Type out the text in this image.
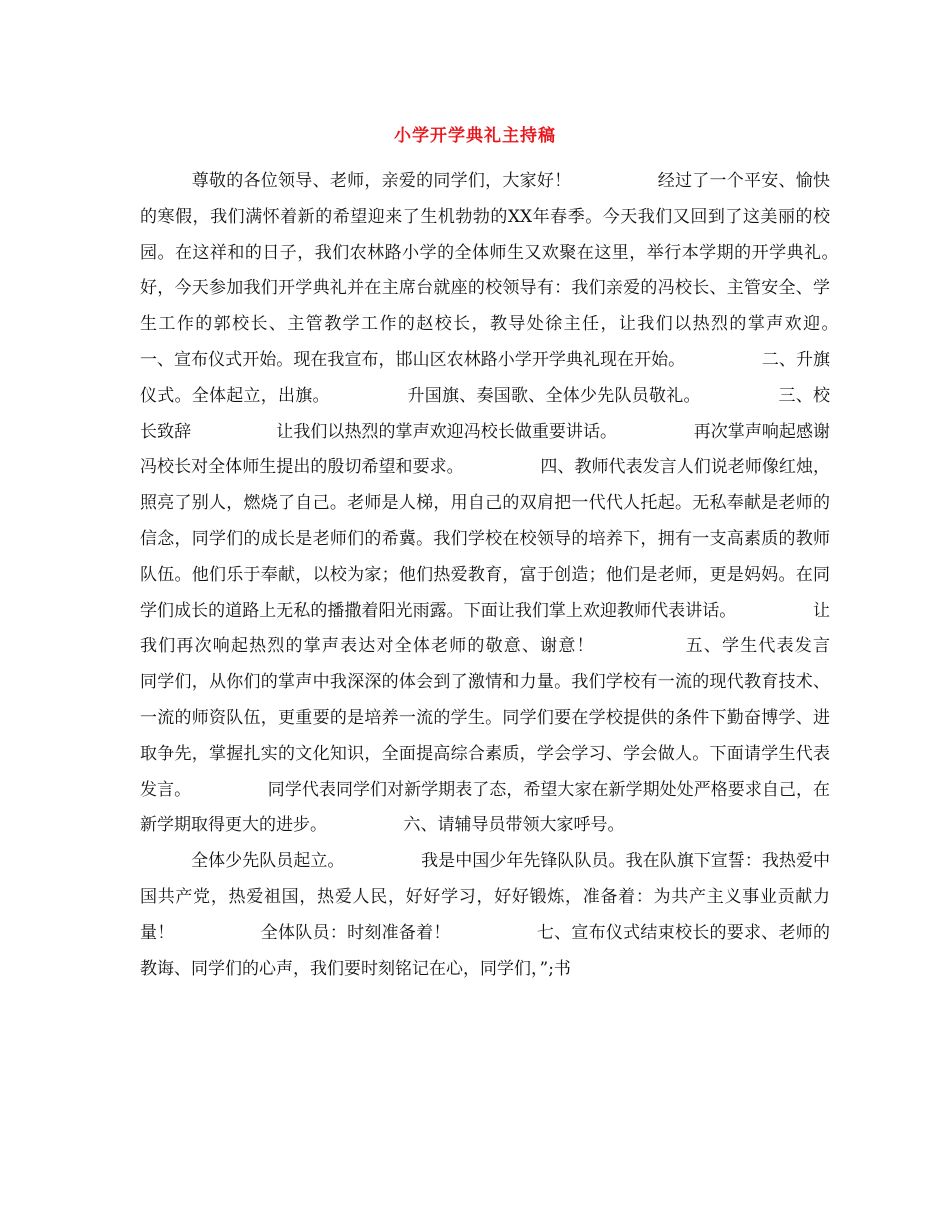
小学开学典礼主持稿

　　　尊敬的各位领导、老师，亲爱的同学们，大家好！　　　　　经过了一个平安、愉快的寒假，我们满怀着新的希望迎来了生机勃勃的XX年春季。今天我们又回到了这美丽的校园。在这祥和的日子，我们农林路小学的全体师生又欢聚在这里，举行本学期的开学典礼。　　　　　好，今天参加我们开学典礼并在主席台就座的校领导有：我们亲爱的冯校长、主管安全、学生工作的郭校长、主管教学工作的赵校长，教导处徐主任，让我们以热烈的掌声欢迎。　　　　　一、宣布仪式开始。现在我宣布，邯山区农林路小学开学典礼现在开始。　　　　　二、升旗仪式。全体起立，出旗。　　　　　升国旗、奏国歌、全体少先队员敬礼。　　　　　三、校长致辞　　　　　让我们以热烈的掌声欢迎冯校长做重要讲话。　　　　　再次掌声响起感谢冯校长对全体师生提出的殷切希望和要求。　　　　　四、教师代表发言人们说老师像红烛，照亮了别人，燃烧了自己。老师是人梯，用自己的双肩把一代代人托起。无私奉献是老师的信念，同学们的成长是老师们的希冀。我们学校在校领导的培养下，拥有一支高素质的教师队伍。他们乐于奉献，以校为家；他们热爱教育，富于创造；他们是老师，更是妈妈。在同学们成长的道路上无私的播撒着阳光雨露。下面让我们掌上欢迎教师代表讲话。　　　　　让我们再次响起热烈的掌声表达对全体老师的敬意、谢意！　　　　　五、学生代表发言　　　　　同学们，从你们的掌声中我深深的体会到了激情和力量。我们学校有一流的现代教育技术、一流的师资队伍，更重要的是培养一流的学生。同学们要在学校提供的条件下勤奋博学、进取争先，掌握扎实的文化知识，全面提高综合素质，学会学习、学会做人。下面请学生代表发言。　　　　　同学代表同学们对新学期表了态，希望大家在新学期处处严格要求自己，在新学期取得更大的进步。　　　　　六、请辅导员带领大家呼号。
　　　全体少先队员起立。　　　　　我是中国少年先锋队队员。我在队旗下宣誓：我热爱中国共产党，热爱祖国，热爱人民，好好学习，好好锻炼，准备着：为共产主义事业贡献力量！　　　　　全体队员：时刻准备着！　　　　　七、宣布仪式结束校长的要求、老师的教诲、同学们的心声，我们要时刻铭记在心，同学们，”;书
